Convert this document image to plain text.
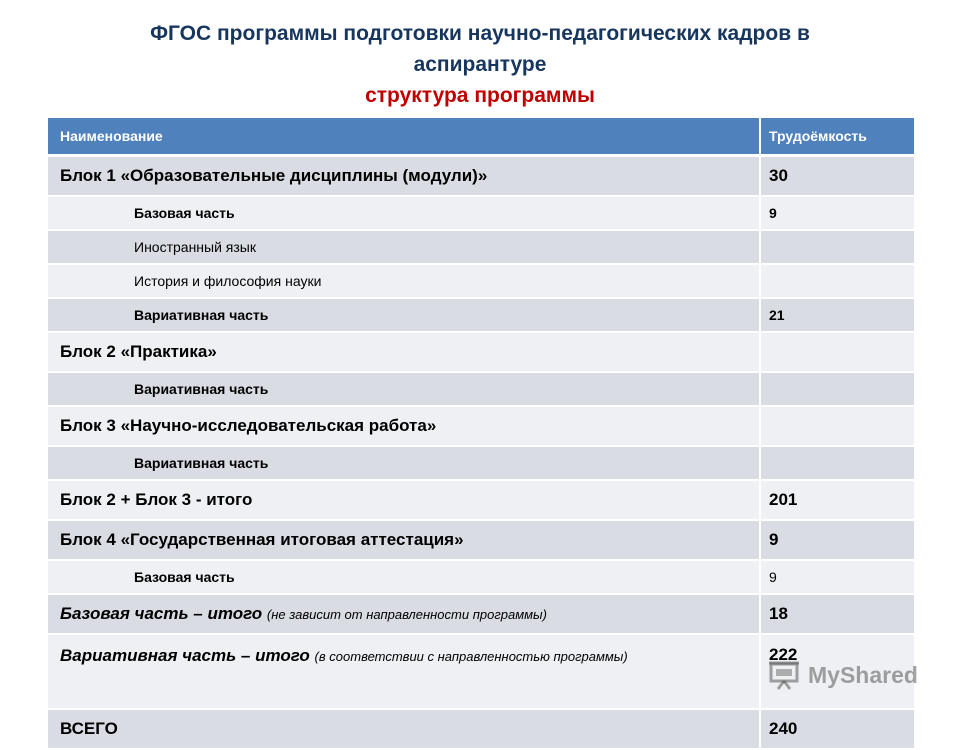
ФГОС программы подготовки научно-педагогических кадров в аспирантуре
структура программы
Наименование	Трудоёмкость
Блок 1 «Образовательные дисциплины (модули)»	30
Базовая часть	9
Иностранный язык	
История и философия науки	
Вариативная часть	21
Блок 2 «Практика»	
Вариативная часть	
Блок 3 «Научно-исследовательская работа»	
Вариативная часть	
Блок 2 + Блок 3 - итого	201
Блок 4 «Государственная итоговая аттестация»	9
Базовая часть	9
Базовая часть – итого (не зависит от направленности программы)	18
Вариативная часть – итого (в соответствии с направленностью программы)	222
ВСЕГО	240
MyShared
